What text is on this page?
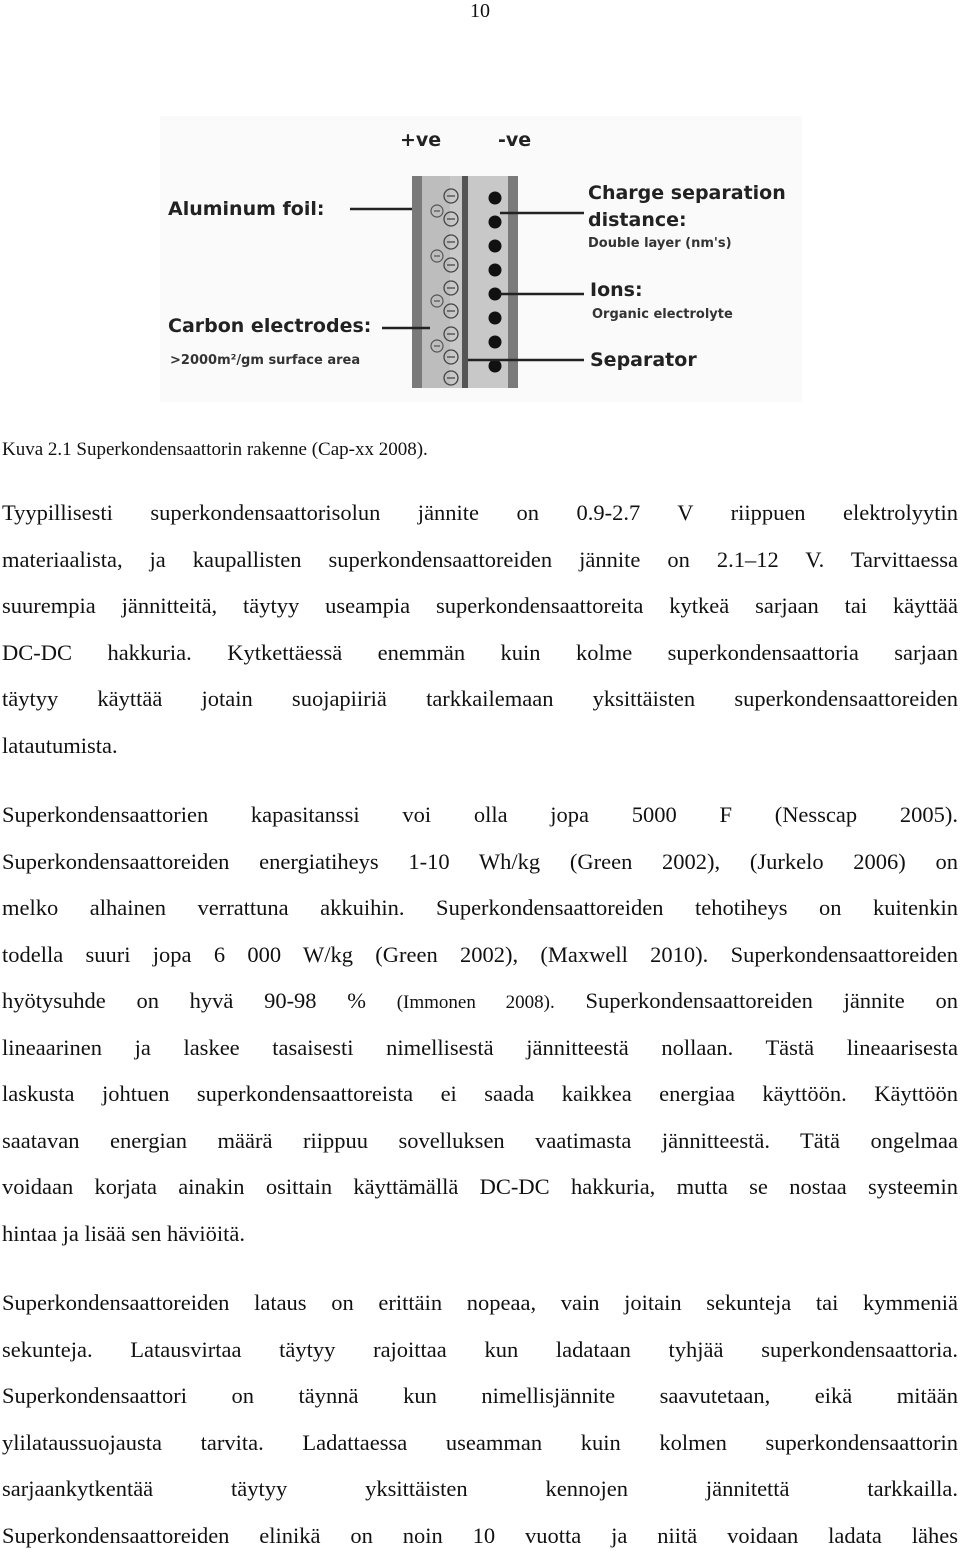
10
+ve	-ve
Aluminum foil:
Carbon electrodes:
>2000m²/gm surface area
Charge separation
distance:
Double layer (nm's)
Ions:
Organic electrolyte
Separator
Kuva 2.1 Superkondensaattorin rakenne (Cap-xx 2008).
Tyypillisesti superkondensaattorisolun jännite on 0.9-2.7 V riippuen elektrolyytin
materiaalista, ja kaupallisten superkondensaattoreiden jännite on 2.1–12 V. Tarvittaessa
suurempia jännitteitä, täytyy useampia superkondensaattoreita kytkeä sarjaan tai käyttää
DC-DC hakkuria. Kytkettäessä enemmän kuin kolme superkondensaattoria sarjaan
täytyy käyttää jotain suojapiiriä tarkkailemaan yksittäisten superkondensaattoreiden
latautumista.
Superkondensaattorien kapasitanssi voi olla jopa 5000 F (Nesscap 2005).
Superkondensaattoreiden energiatiheys 1-10 Wh/kg (Green 2002), (Jurkelo 2006) on
melko alhainen verrattuna akkuihin. Superkondensaattoreiden tehotiheys on kuitenkin
todella suuri jopa 6 000 W/kg (Green 2002), (Maxwell 2010). Superkondensaattoreiden
hyötysuhde on hyvä 90-98 % (Immonen 2008). Superkondensaattoreiden jännite on
lineaarinen ja laskee tasaisesti nimellisestä jännitteestä nollaan. Tästä lineaarisesta
laskusta johtuen superkondensaattoreista ei saada kaikkea energiaa käyttöön. Käyttöön
saatavan energian määrä riippuu sovelluksen vaatimasta jännitteestä. Tätä ongelmaa
voidaan korjata ainakin osittain käyttämällä DC-DC hakkuria, mutta se nostaa systeemin
hintaa ja lisää sen häviöitä.
Superkondensaattoreiden lataus on erittäin nopeaa, vain joitain sekunteja tai kymmeniä
sekunteja. Latausvirtaa täytyy rajoittaa kun ladataan tyhjää superkondensaattoria.
Superkondensaattori on täynnä kun nimellisjännite saavutetaan, eikä mitään
ylilataussuojausta tarvita. Ladattaessa useamman kuin kolmen superkondensaattorin
sarjaankytkentää täytyy yksittäisten kennojen jännitettä tarkkailla.
Superkondensaattoreiden elinikä on noin 10 vuotta ja niitä voidaan ladata lähes
